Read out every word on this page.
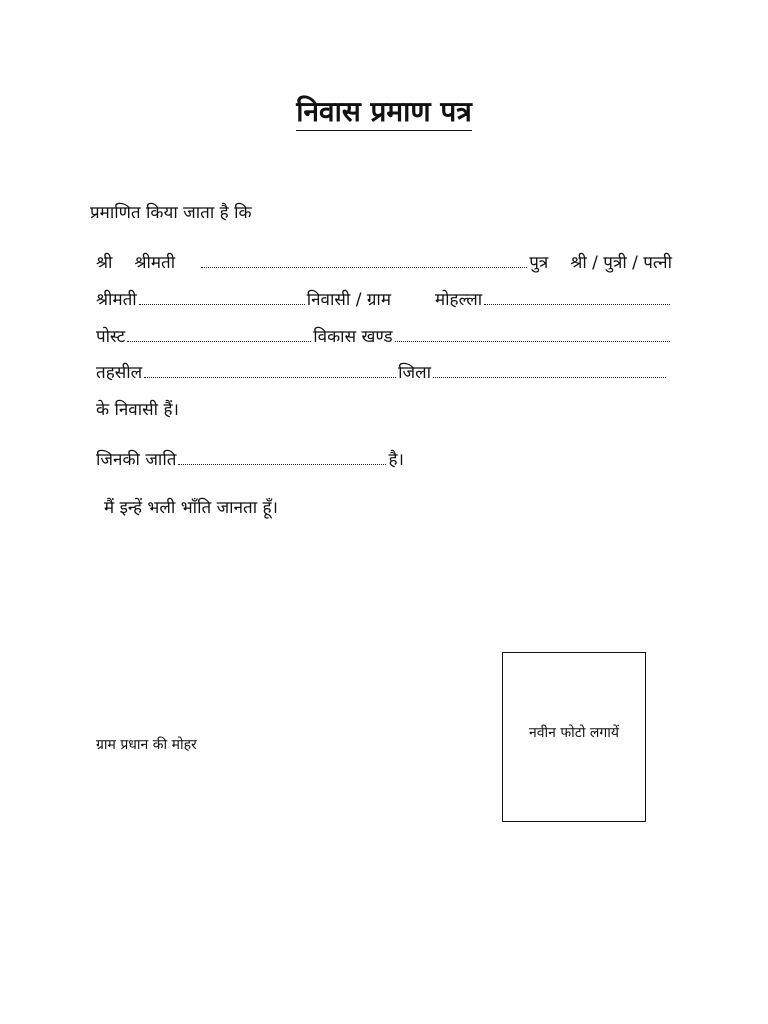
निवास प्रमाण पत्र
प्रमाणित किया जाता है कि
श्री श्रीमती	पुत्र श्री / पुत्री / पत्नी
श्रीमती	निवासी / ग्राम	मोहल्ला
पोस्ट	विकास खण्ड
तहसील	जिला
के निवासी हैं।
जिनकी जाति	है।
मैं इन्हें भली भाँति जानता हूँ।
ग्राम प्रधान की मोहर
नवीन फोटो लगायें
